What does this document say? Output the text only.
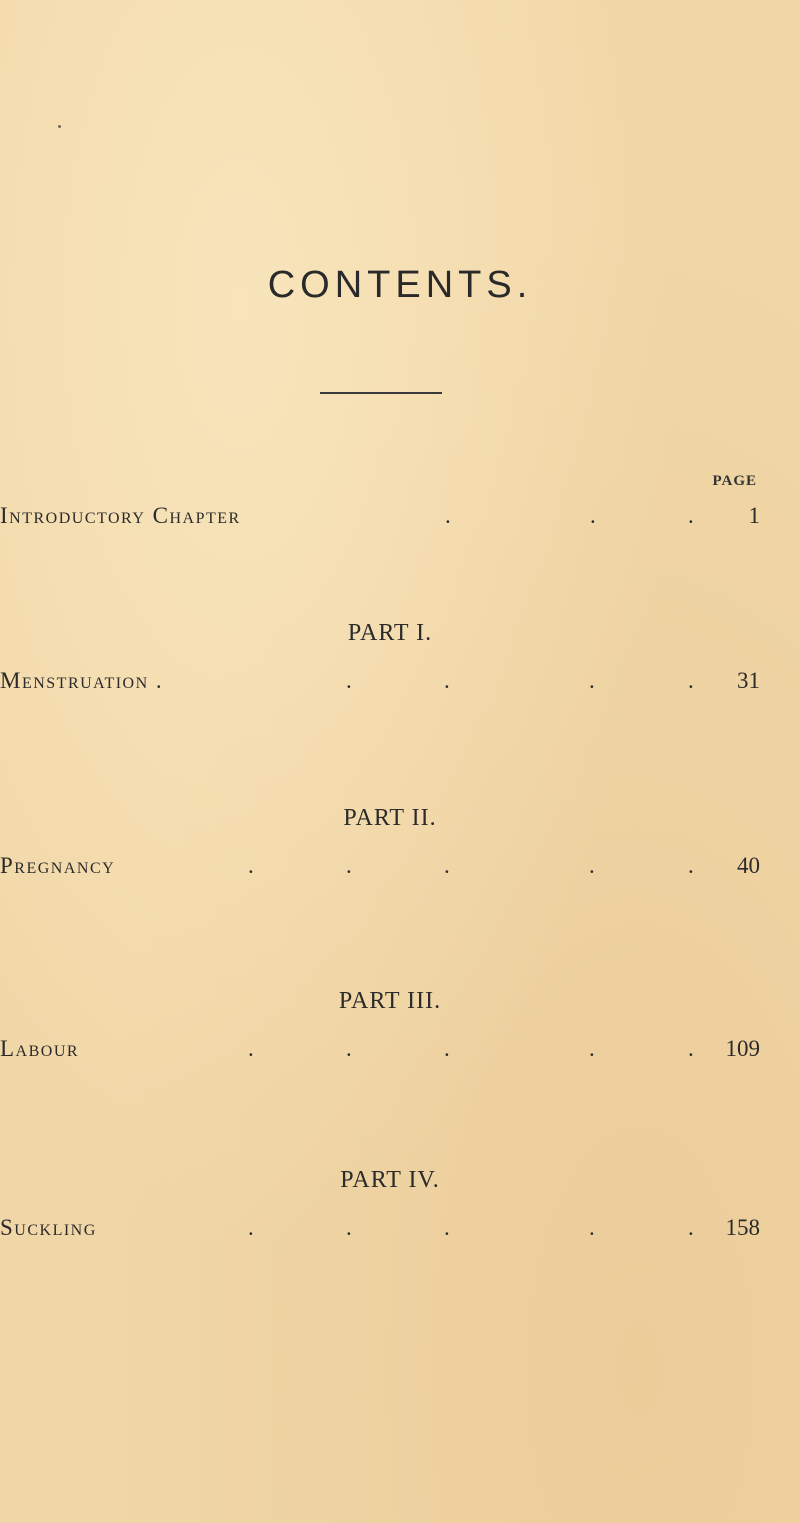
CONTENTS.
PAGE
Introductory Chapter	.	.	. 1
PART I.
Menstruation .	.	.	.	. 31
PART II.
Pregnancy	.	.	.	.	. 40
PART III.
Labour	.	.	.	.	. 109
PART IV.
Suckling	.	.	.	.	. 158
